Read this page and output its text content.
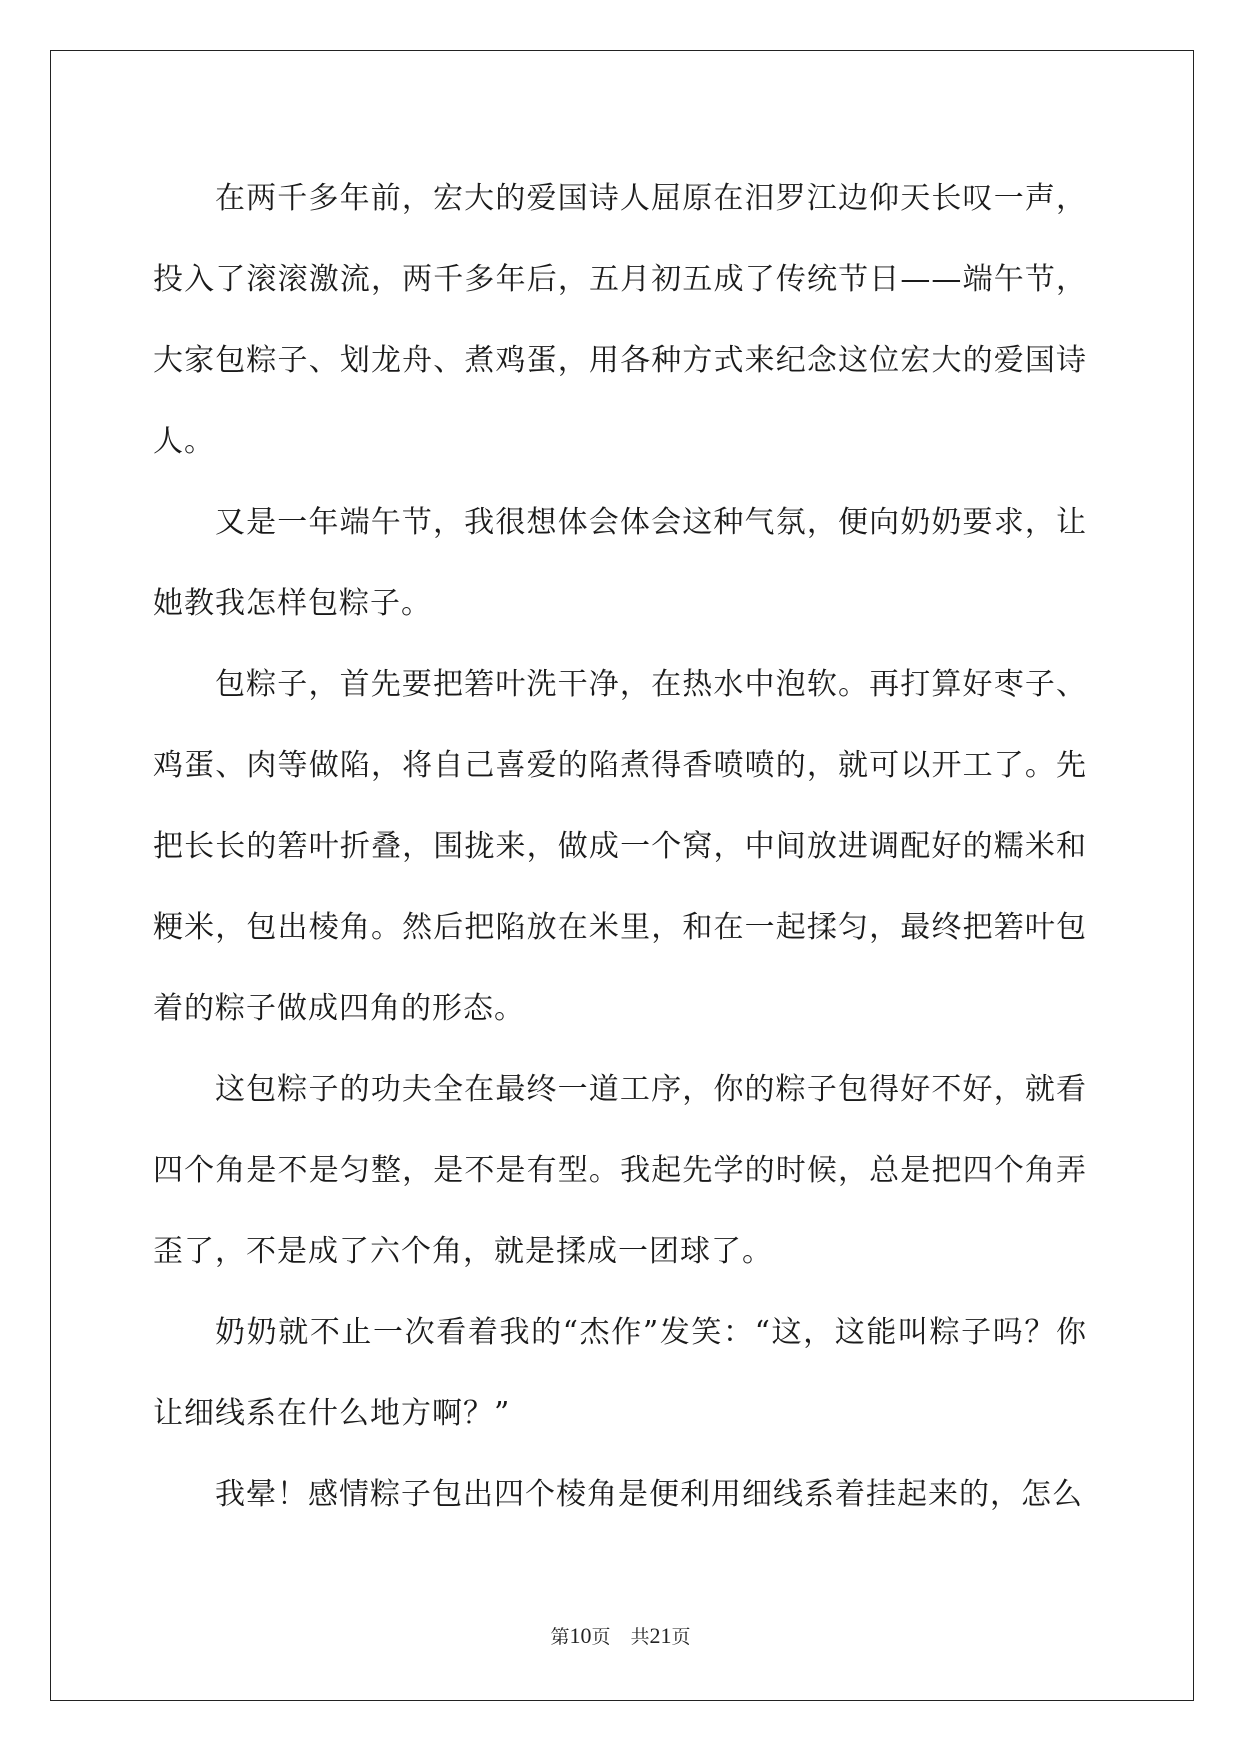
在两千多年前，宏大的爱国诗人屈原在汨罗江边仰天长叹一声，投入了滚滚激流，两千多年后，五月初五成了传统节日——端午节，大家包粽子、划龙舟、煮鸡蛋，用各种方式来纪念这位宏大的爱国诗人。

又是一年端午节，我很想体会体会这种气氛，便向奶奶要求，让她教我怎样包粽子。

包粽子，首先要把箬叶洗干净，在热水中泡软。再打算好枣子、鸡蛋、肉等做陷，将自己喜爱的陷煮得香喷喷的，就可以开工了。先把长长的箬叶折叠，围拢来，做成一个窝，中间放进调配好的糯米和粳米，包出棱角。然后把陷放在米里，和在一起揉匀，最终把箬叶包着的粽子做成四角的形态。

这包粽子的功夫全在最终一道工序，你的粽子包得好不好，就看四个角是不是匀整，是不是有型。我起先学的时候，总是把四个角弄歪了，不是成了六个角，就是揉成一团球了。

奶奶就不止一次看着我的“杰作”发笑：“这，这能叫粽子吗？你让细线系在什么地方啊？”

我晕！感情粽子包出四个棱角是便利用细线系着挂起来的，怎么

第10页 共21页
